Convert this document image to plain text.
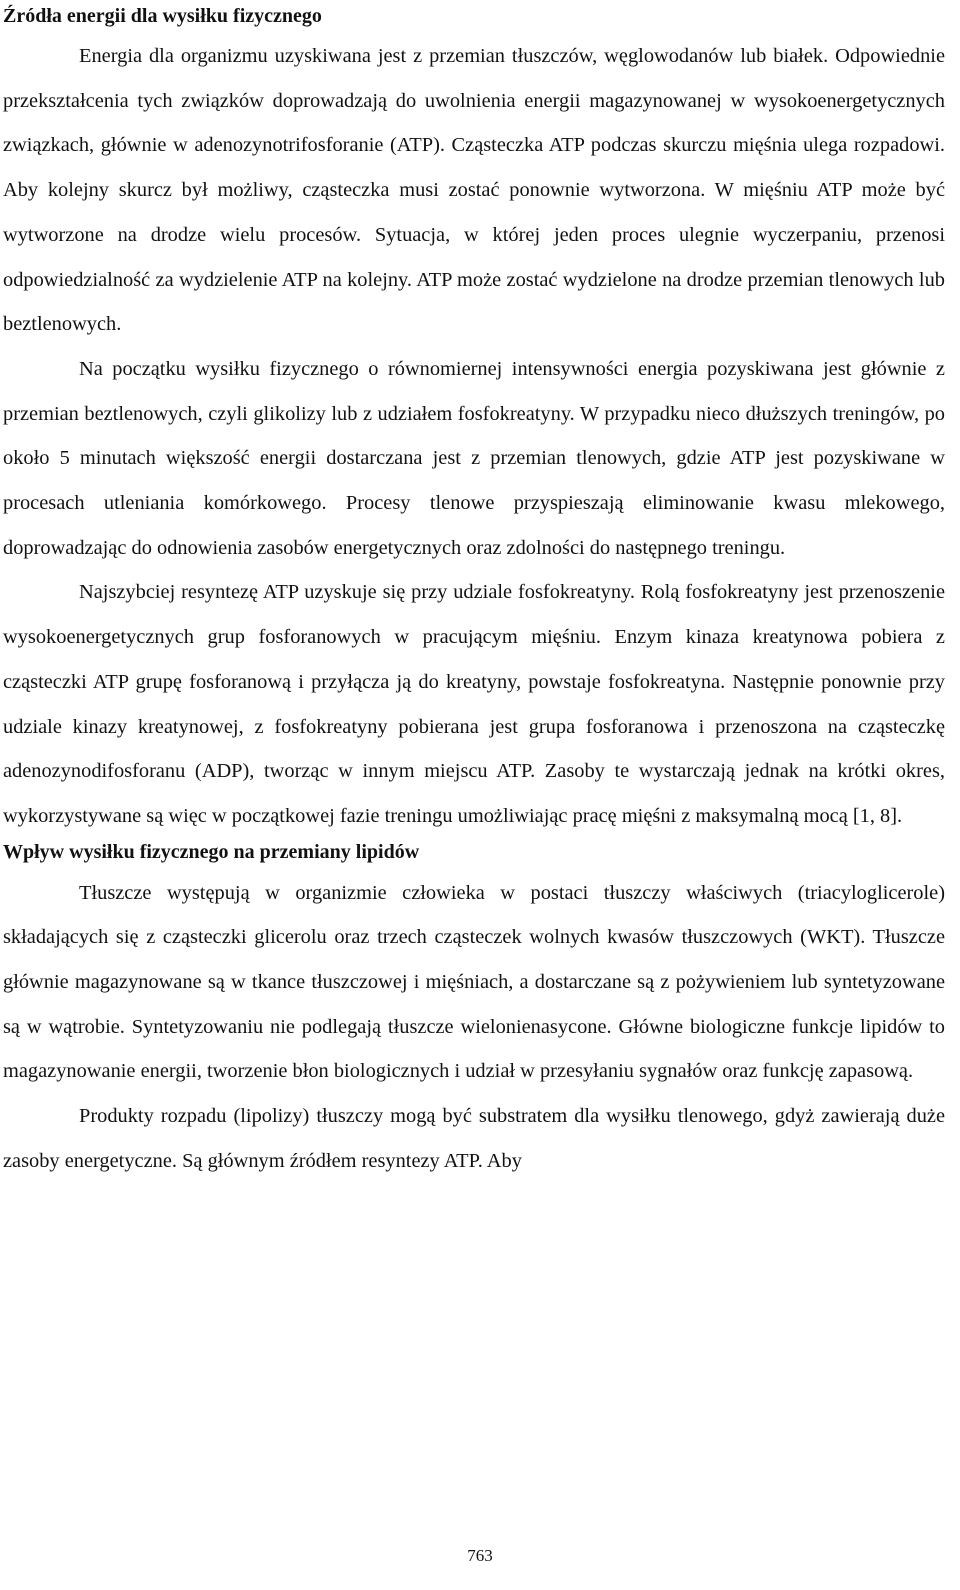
Źródła energii dla wysiłku fizycznego

Energia dla organizmu uzyskiwana jest z przemian tłuszczów, węglowodanów lub białek. Odpowiednie przekształcenia tych związków doprowadzają do uwolnienia energii magazynowanej w wysokoenergetycznych związkach, głównie w adenozynotrifosforanie (ATP). Cząsteczka ATP podczas skurczu mięśnia ulega rozpadowi. Aby kolejny skurcz był możliwy, cząsteczka musi zostać ponownie wytworzona. W mięśniu ATP może być wytworzone na drodze wielu procesów. Sytuacja, w której jeden proces ulegnie wyczerpaniu, przenosi odpowiedzialność za wydzielenie ATP na kolejny. ATP może zostać wydzielone na drodze przemian tlenowych lub beztlenowych.

Na początku wysiłku fizycznego o równomiernej intensywności energia pozyskiwana jest głównie z przemian beztlenowych, czyli glikolizy lub z udziałem fosfokreatyny. W przypadku nieco dłuższych treningów, po około 5 minutach większość energii dostarczana jest z przemian tlenowych, gdzie ATP jest pozyskiwane w procesach utleniania komórkowego. Procesy tlenowe przyspieszają eliminowanie kwasu mlekowego, doprowadzając do odnowienia zasobów energetycznych oraz zdolności do następnego treningu.

Najszybciej resyntezę ATP uzyskuje się przy udziale fosfokreatyny. Rolą fosfokreatyny jest przenoszenie wysokoenergetycznych grup fosforanowych w pracującym mięśniu. Enzym kinaza kreatynowa pobiera z cząsteczki ATP grupę fosforanową i przyłącza ją do kreatyny, powstaje fosfokreatyna. Następnie ponownie przy udziale kinazy kreatynowej, z fosfokreatyny pobierana jest grupa fosforanowa i przenoszona na cząsteczkę adenozynodifosforanu (ADP), tworząc w innym miejscu ATP. Zasoby te wystarczają jednak na krótki okres, wykorzystywane są więc w początkowej fazie treningu umożliwiając pracę mięśni z maksymalną mocą [1, 8].

Wpływ wysiłku fizycznego na przemiany lipidów

Tłuszcze występują w organizmie człowieka w postaci tłuszczy właściwych (triacyloglicerole) składających się z cząsteczki glicerolu oraz trzech cząsteczek wolnych kwasów tłuszczowych (WKT). Tłuszcze głównie magazynowane są w tkance tłuszczowej i mięśniach, a dostarczane są z pożywieniem lub syntetyzowane są w wątrobie. Syntetyzowaniu nie podlegają tłuszcze wielonienasycone. Główne biologiczne funkcje lipidów to magazynowanie energii, tworzenie błon biologicznych i udział w przesyłaniu sygnałów oraz funkcję zapasową.

Produkty rozpadu (lipolizy) tłuszczy mogą być substratem dla wysiłku tlenowego, gdyż zawierają duże zasoby energetyczne. Są głównym źródłem resyntezy ATP. Aby

763
